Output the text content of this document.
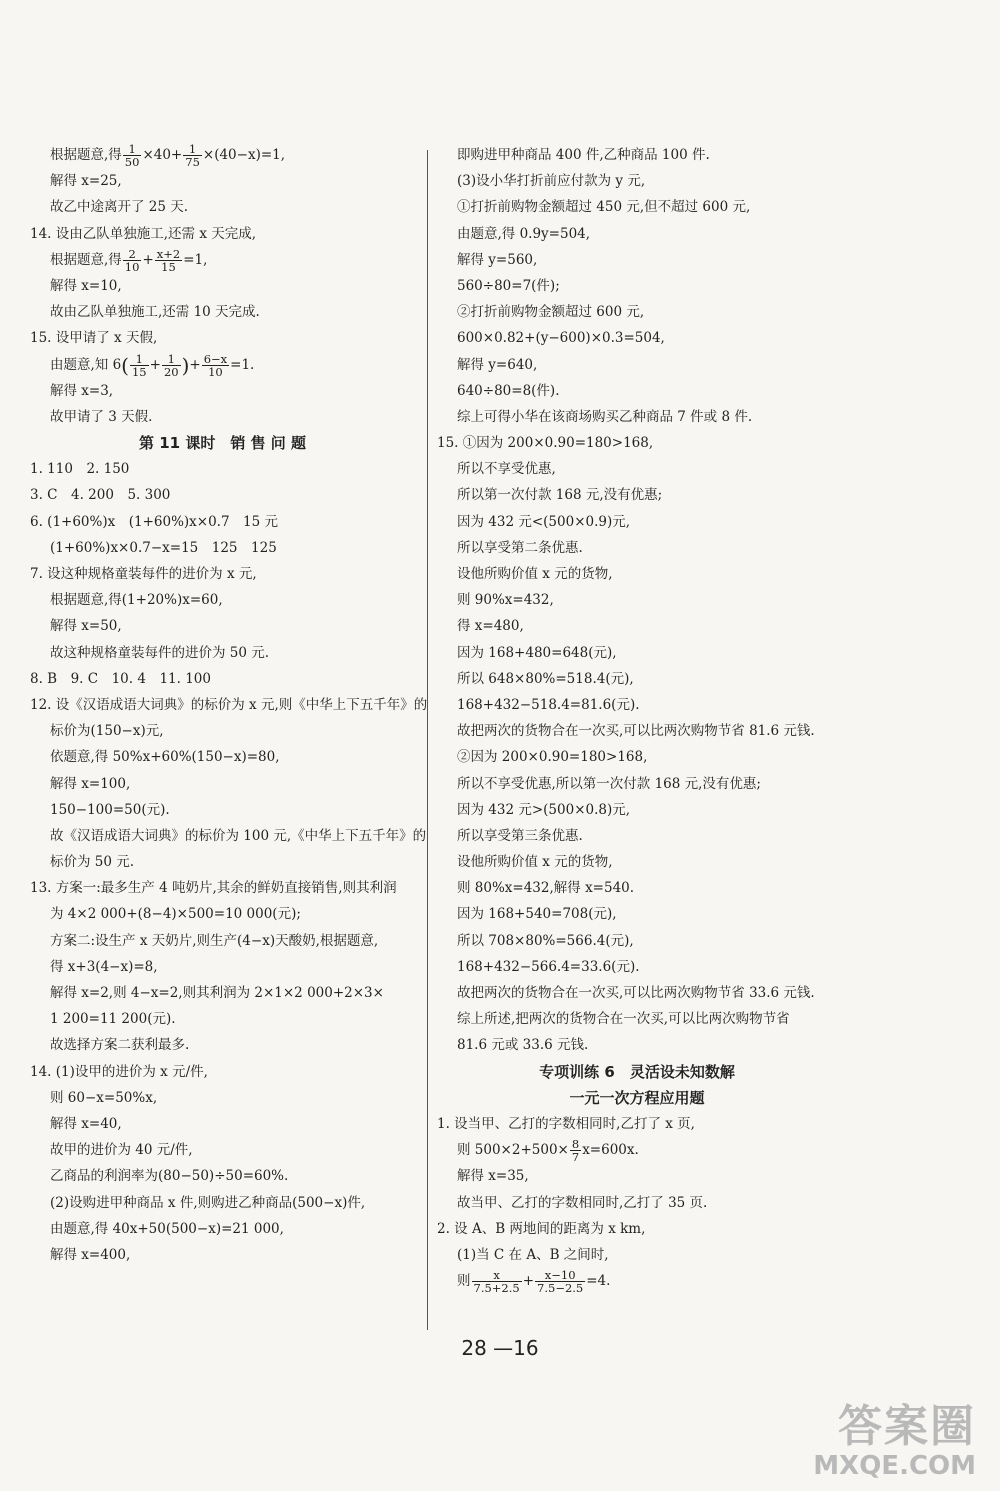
根据题意,得 $\frac{1}{50} \times 40+ \frac{1}{75} \times(40-x)=1$,
解得 x=25,
故乙中途离开了 25 天.
14. 设由乙队单独施工,还需 x 天完成,
根据题意,得 $\frac{2}{10} + \frac{x+2}{15} =1$,
解得 x=10,
故由乙队单独施工,还需 10 天完成.
15. 设甲请了 x 天假,
由题意,知 $6( \frac{1}{15} + \frac{1}{20}$ )+ $\frac{6-x}{10} =1$.
解得 x=3,
故甲请了 3 天假.
第 11 课时　销 售 问 题
1. 110　2. 150
3. C　4. 200　5. 300
6. (1+60%)x　(1+60%)x×0.7　15 元
(1+60%)x×0.7−x=15　125　125
7. 设这种规格童装每件的进价为 x 元,
根据题意,得(1+20%)x=60,
解得 x=50,
故这种规格童装每件的进价为 50 元.
8. B　9. C　10. 4　11. 100
12. 设《汉语成语大词典》的标价为 x 元,则《中华上下五千年》的
标价为(150−x)元,
依题意,得 50%x+60%(150−x)=80,
解得 x=100,
150−100=50(元).
故《汉语成语大词典》的标价为 100 元,《中华上下五千年》的
标价为 50 元.
13. 方案一:最多生产 4 吨奶片,其余的鲜奶直接销售,则其利润
为 4×2 000+(8−4)×500=10 000(元);
方案二:设生产 x 天奶片,则生产(4−x)天酸奶,根据题意,
得 x+3(4−x)=8,
解得 x=2,则 4−x=2,则其利润为 2×1×2 000+2×3×
1 200=11 200(元).
故选择方案二获利最多.
14. (1)设甲的进价为 x 元/件,
则 60−x=50%x,
解得 x=40,
故甲的进价为 40 元/件,
乙商品的利润率为(80−50)÷50=60%.
(2)设购进甲种商品 x 件,则购进乙种商品(500−x)件,
由题意,得 40x+50(500−x)=21 000,
解得 x=400,
即购进甲种商品 400 件,乙种商品 100 件.
(3)设小华打折前应付款为 y 元,
①打折前购物金额超过 450 元,但不超过 600 元,
由题意,得 0.9y=504,
解得 y=560,
560÷80=7(件);
②打折前购物金额超过 600 元,
600×0.82+(y−600)×0.3=504,
解得 y=640,
640÷80=8(件).
综上可得小华在该商场购买乙种商品 7 件或 8 件.
15. ①因为 200×0.90=180>168,
所以不享受优惠,
所以第一次付款 168 元,没有优惠;
因为 432 元<(500×0.9)元,
所以享受第二条优惠.
设他所购价值 x 元的货物,
则 90%x=432,
得 x=480,
因为 168+480=648(元),
所以 648×80%=518.4(元),
168+432−518.4=81.6(元).
故把两次的货物合在一次买,可以比两次购物节省 81.6 元钱.
②因为 200×0.90=180>168,
所以不享受优惠,所以第一次付款 168 元,没有优惠;
因为 432 元>(500×0.8)元,
所以享受第三条优惠.
设他所购价值 x 元的货物,
则 80%x=432,解得 x=540.
因为 168+540=708(元),
所以 708×80%=566.4(元),
168+432−566.4=33.6(元).
故把两次的货物合在一次买,可以比两次购物节省 33.6 元钱.
综上所述,把两次的货物合在一次买,可以比两次购物节省
81.6 元或 33.6 元钱.
专项训练 6　灵活设未知数解
一元一次方程应用题
1. 设当甲、乙打的字数相同时,乙打了 x 页,
则 $500\times 2+500\times \frac{8}{7} x=600x$.
解得 x=35,
故当甲、乙打的字数相同时,乙打了 35 页.
2. 设 A、B 两地间的距离为 x km,
(1)当 C 在 A、B 之间时,
则 $\frac{x}{7.5+2.5} + \frac{x-10}{7.5-2.5} =4$.
28 —16
答案圈
MXQE.COM
